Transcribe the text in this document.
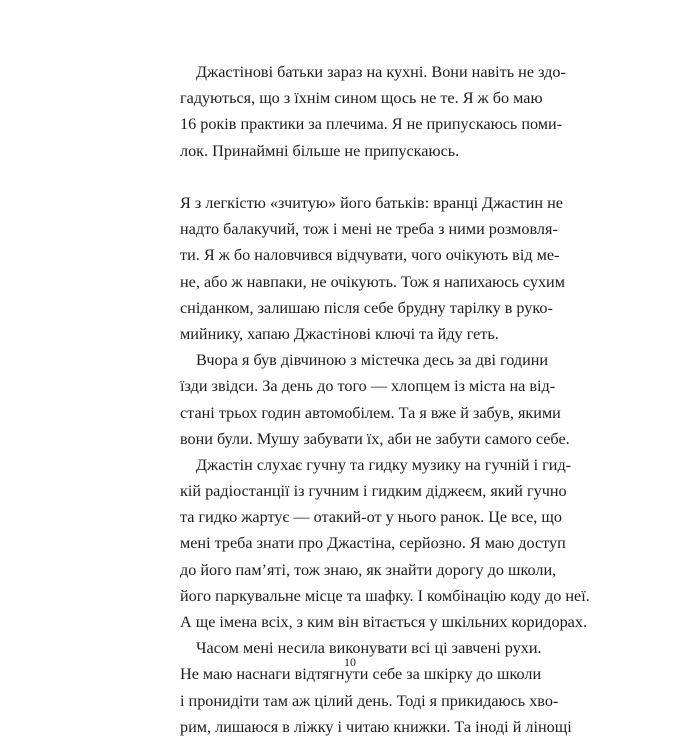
Джастінові батьки зараз на кухні. Вони навіть не здо-
гадуються, що з їхнім сином щось не те. Я ж бо маю
16 років практики за плечима. Я не припускаюсь поми-
лок. Принаймні більше не припускаюсь.
Я з легкістю «зчитую» його батьків: вранці Джастин не
надто балакучий, тож і мені не треба з ними розмовля-
ти. Я ж бо наловчився відчувати, чого очікують від ме-
не, або ж навпаки, не очікують. Тож я напихаюсь сухим
сніданком, залишаю після себе брудну тарілку в руко-
мийнику, хапаю Джастінові ключі та йду геть.
Вчора я був дівчиною з містечка десь за дві години
їзди звідси. За день до того — хлопцем із міста на від-
стані трьох годин автомобілем. Та я вже й забув, якими
вони були. Мушу забувати їх, аби не забути самого себе.
Джастін слухає гучну та гидку музику на гучній і гид-
кій радіостанції із гучним і гидким діджеєм, який гучно
та гидко жартує — отакий-от у нього ранок. Це все, що
мені треба знати про Джастіна, серйозно. Я маю доступ
до його пам’яті, тож знаю, як знайти дорогу до школи,
його паркувальне місце та шафку. І комбінацію коду до неї.
А ще імена всіх, з ким він вітається у шкільних коридорах.
Часом мені несила виконувати всі ці завчені рухи.
Не маю наснаги відтягнути себе за шкірку до школи
і пронидіти там аж цілий день. Тоді я прикидаюсь хво-
рим, лишаюся в ліжку і читаю книжки. Та іноді й лінощі
10
